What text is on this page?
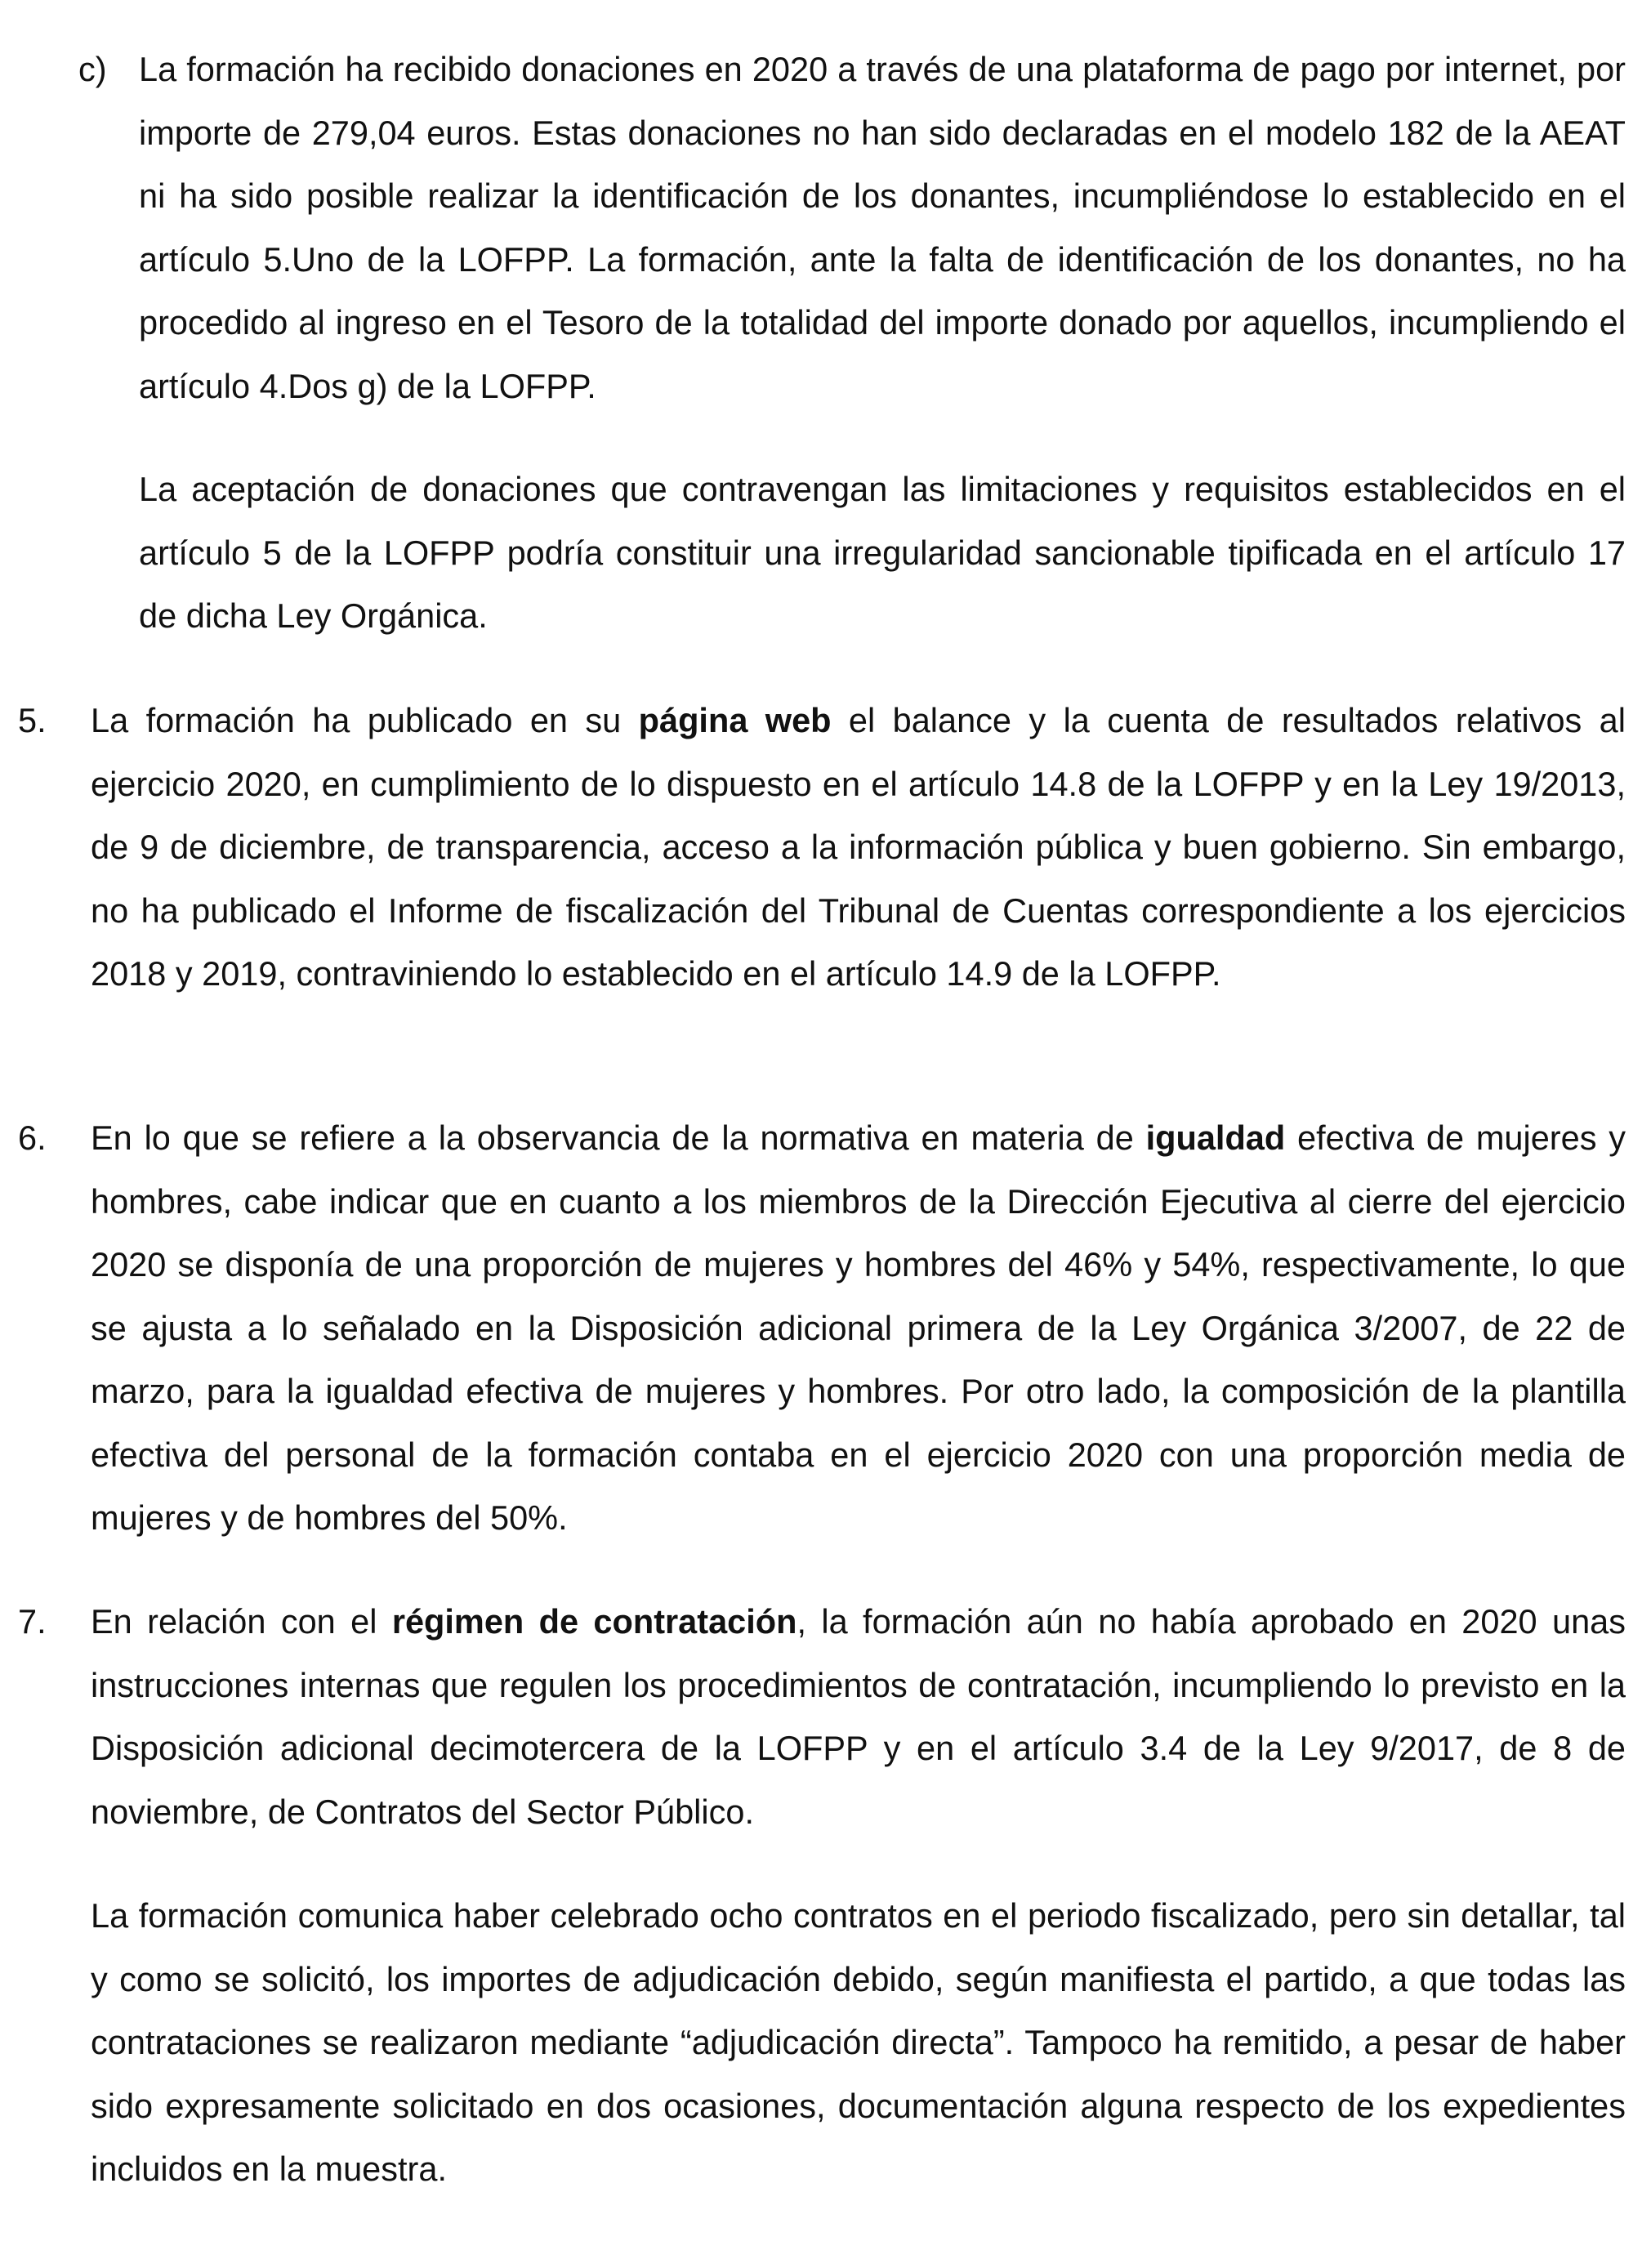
c) La formación ha recibido donaciones en 2020 a través de una plataforma de pago por internet, por importe de 279,04 euros. Estas donaciones no han sido declaradas en el modelo 182 de la AEAT ni ha sido posible realizar la identificación de los donantes, incumpliéndose lo establecido en el artículo 5.Uno de la LOFPP. La formación, ante la falta de identificación de los donantes, no ha procedido al ingreso en el Tesoro de la totalidad del importe donado por aquellos, incumpliendo el artículo 4.Dos g) de la LOFPP.

La aceptación de donaciones que contravengan las limitaciones y requisitos establecidos en el artículo 5 de la LOFPP podría constituir una irregularidad sancionable tipificada en el artículo 17 de dicha Ley Orgánica.

5. La formación ha publicado en su página web el balance y la cuenta de resultados relativos al ejercicio 2020, en cumplimiento de lo dispuesto en el artículo 14.8 de la LOFPP y en la Ley 19/2013, de 9 de diciembre, de transparencia, acceso a la información pública y buen gobierno. Sin embargo, no ha publicado el Informe de fiscalización del Tribunal de Cuentas correspondiente a los ejercicios 2018 y 2019, contraviniendo lo establecido en el artículo 14.9 de la LOFPP.

6. En lo que se refiere a la observancia de la normativa en materia de igualdad efectiva de mujeres y hombres, cabe indicar que en cuanto a los miembros de la Dirección Ejecutiva al cierre del ejercicio 2020 se disponía de una proporción de mujeres y hombres del 46% y 54%, respectivamente, lo que se ajusta a lo señalado en la Disposición adicional primera de la Ley Orgánica 3/2007, de 22 de marzo, para la igualdad efectiva de mujeres y hombres. Por otro lado, la composición de la plantilla efectiva del personal de la formación contaba en el ejercicio 2020 con una proporción media de mujeres y de hombres del 50%.

7. En relación con el régimen de contratación, la formación aún no había aprobado en 2020 unas instrucciones internas que regulen los procedimientos de contratación, incumpliendo lo previsto en la Disposición adicional decimotercera de la LOFPP y en el artículo 3.4 de la Ley 9/2017, de 8 de noviembre, de Contratos del Sector Público.

La formación comunica haber celebrado ocho contratos en el periodo fiscalizado, pero sin detallar, tal y como se solicitó, los importes de adjudicación debido, según manifiesta el partido, a que todas las contrataciones se realizaron mediante “adjudicación directa”. Tampoco ha remitido, a pesar de haber sido expresamente solicitado en dos ocasiones, documentación alguna respecto de los expedientes incluidos en la muestra.
